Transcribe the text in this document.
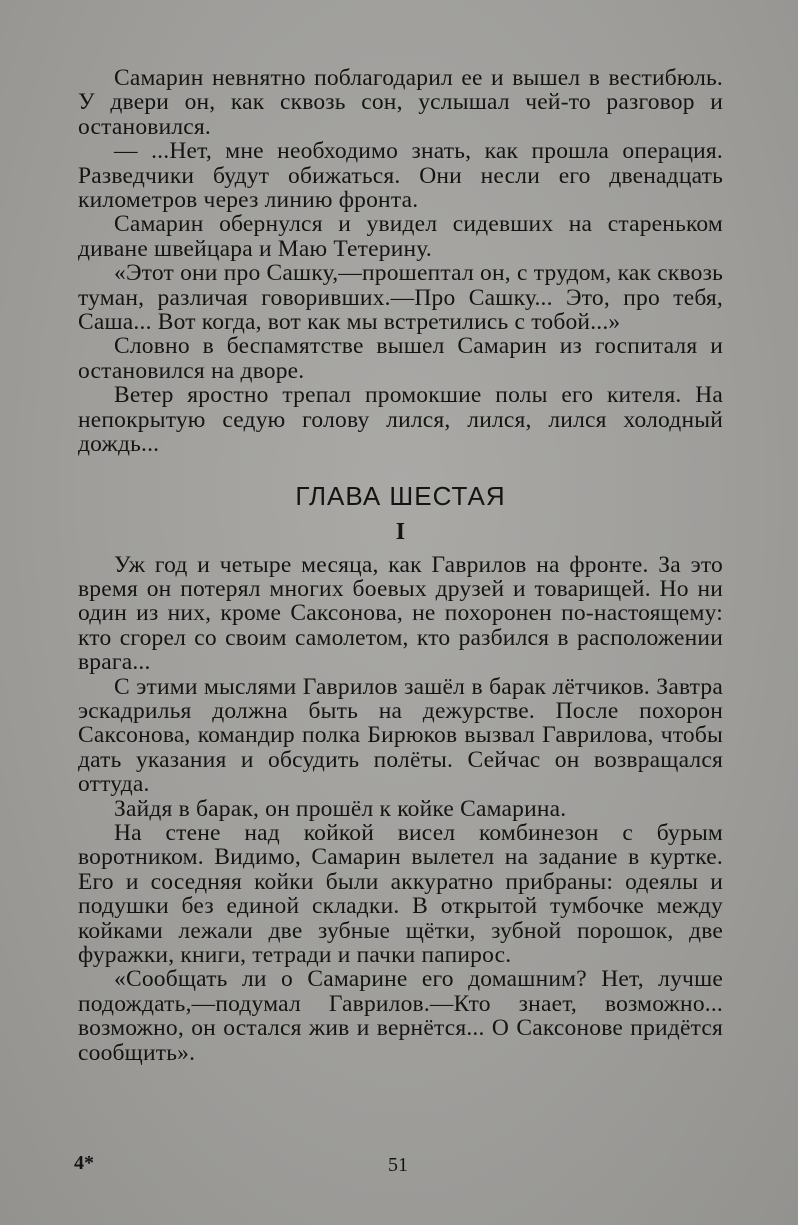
Самарин невнятно поблагодарил ее и вышел в вестибюль. У двери он, как сквозь сон, услышал чей-то разговор и остановился.

— ...Нет, мне необходимо знать, как прошла операция. Разведчики будут обижаться. Они несли его двенадцать километров через линию фронта.

Самарин обернулся и увидел сидевших на стареньком диване швейцара и Маю Тетерину.

«Этот они про Сашку,—прошептал он, с трудом, как сквозь туман, различая говоривших.—Про Сашку... Это, про тебя, Саша... Вот когда, вот как мы встретились с тобой...»

Словно в беспамятстве вышел Самарин из госпиталя и остановился на дворе.

Ветер яростно трепал промокшие полы его кителя. На непокрытую седую голову лился, лился, лился холодный дождь...

ГЛАВА ШЕСТАЯ
I

Уж год и четыре месяца, как Гаврилов на фронте. За это время он потерял многих боевых друзей и товарищей. Но ни один из них, кроме Саксонова, не похоронен по-настоящему: кто сгорел со своим самолетом, кто разбился в расположении врага...

С этими мыслями Гаврилов зашёл в барак лётчиков. Завтра эскадрилья должна быть на дежурстве. После похорон Саксонова, командир полка Бирюков вызвал Гаврилова, чтобы дать указания и обсудить полёты. Сейчас он возвращался оттуда.

Зайдя в барак, он прошёл к койке Самарина.

На стене над койкой висел комбинезон с бурым воротником. Видимо, Самарин вылетел на задание в куртке. Его и соседняя койки были аккуратно прибраны: одеялы и подушки без единой складки. В открытой тумбочке между койками лежали две зубные щётки, зубной порошок, две фуражки, книги, тетради и пачки папирос.

«Сообщать ли о Самарине его домашним? Нет, лучше подождать,—подумал Гаврилов.—Кто знает, возможно... возможно, он остался жив и вернётся... О Саксонове придётся сообщить».

4*	51
